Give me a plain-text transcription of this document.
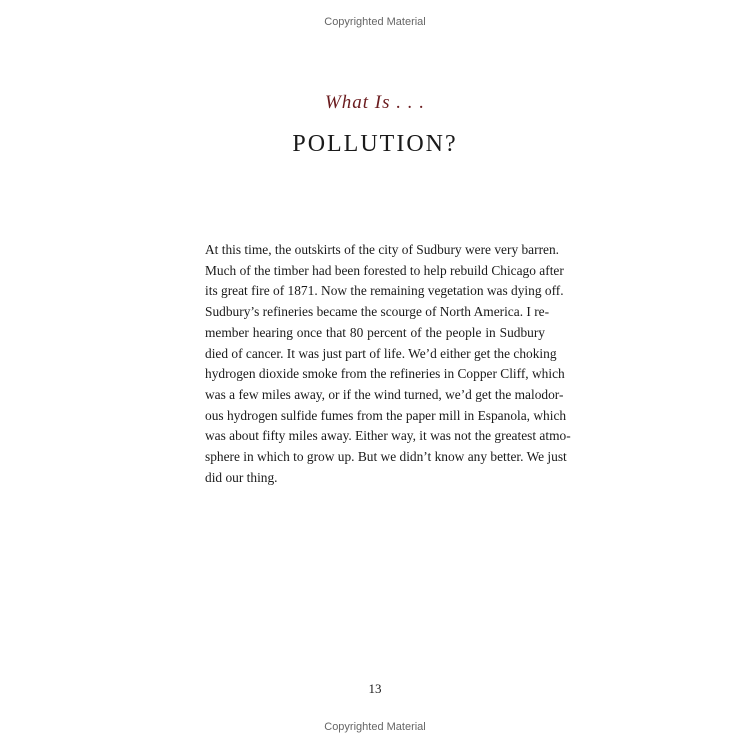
Copyrighted Material
What Is . . .
POLLUTION?

At this time, the outskirts of the city of Sudbury were very barren.
Much of the timber had been forested to help rebuild Chicago after
its great fire of 1871. Now the remaining vegetation was dying off.
Sudbury’s refineries became the scourge of North America. I re-
member hearing once that 80 percent of the people in Sudbury
died of cancer. It was just part of life. We’d either get the choking
hydrogen dioxide smoke from the refineries in Copper Cliff, which
was a few miles away, or if the wind turned, we’d get the malodor-
ous hydrogen sulfide fumes from the paper mill in Espanola, which
was about fifty miles away. Either way, it was not the greatest atmo-
sphere in which to grow up. But we didn’t know any better. We just
did our thing.

13
Copyrighted Material
